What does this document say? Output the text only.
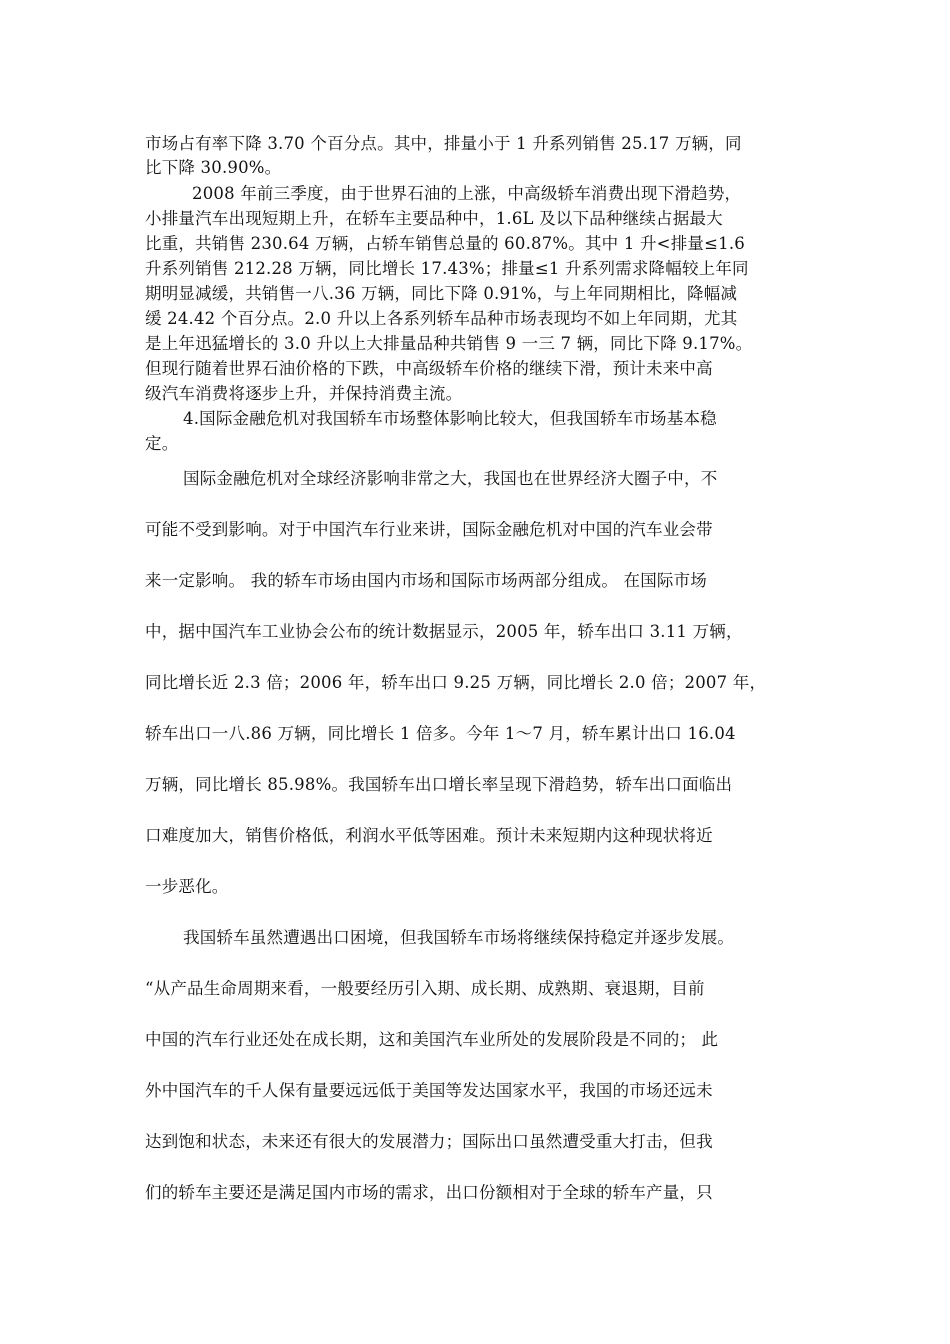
市场占有率下降 3.70 个百分点。其中，排量小于 1 升系列销售 25.17 万辆，同
比下降 30.90%。
2008 年前三季度，由于世界石油的上涨，中高级轿车消费出现下滑趋势，
小排量汽车出现短期上升，在轿车主要品种中，1.6L 及以下品种继续占据最大
比重，共销售 230.64 万辆，占轿车销售总量的 60.87%。其中 1 升<排量≤1.6
升系列销售 212.28 万辆，同比增长 17.43%；排量≤1 升系列需求降幅较上年同
期明显减缓，共销售一八.36 万辆，同比下降 0.91%，与上年同期相比，降幅减
缓 24.42 个百分点。2.0 升以上各系列轿车品种市场表现均不如上年同期，尤其
是上年迅猛增长的 3.0 升以上大排量品种共销售 9 一三 7 辆，同比下降 9.17%。
但现行随着世界石油价格的下跌，中高级轿车价格的继续下滑，预计未来中高
级汽车消费将逐步上升，并保持消费主流。
4.国际金融危机对我国轿车市场整体影响比较大，但我国轿车市场基本稳
定。
国际金融危机对全球经济影响非常之大，我国也在世界经济大圈子中，不
可能不受到影响。对于中国汽车行业来讲，国际金融危机对中国的汽车业会带
来一定影响。 我的轿车市场由国内市场和国际市场两部分组成。 在国际市场
中，据中国汽车工业协会公布的统计数据显示，2005 年，轿车出口 3.11 万辆，
同比增长近 2.3 倍；2006 年，轿车出口 9.25 万辆，同比增长 2.0 倍；2007 年，
轿车出口一八.86 万辆，同比增长 1 倍多。今年 1～7 月，轿车累计出口 16.04
万辆，同比增长 85.98%。我国轿车出口增长率呈现下滑趋势，轿车出口面临出
口难度加大，销售价格低，利润水平低等困难。预计未来短期内这种现状将近
一步恶化。
我国轿车虽然遭遇出口困境，但我国轿车市场将继续保持稳定并逐步发展。
“从产品生命周期来看，一般要经历引入期、成长期、成熟期、衰退期，目前
中国的汽车行业还处在成长期，这和美国汽车业所处的发展阶段是不同的； 此
外中国汽车的千人保有量要远远低于美国等发达国家水平，我国的市场还远未
达到饱和状态，未来还有很大的发展潜力；国际出口虽然遭受重大打击，但我
们的轿车主要还是满足国内市场的需求，出口份额相对于全球的轿车产量，只
